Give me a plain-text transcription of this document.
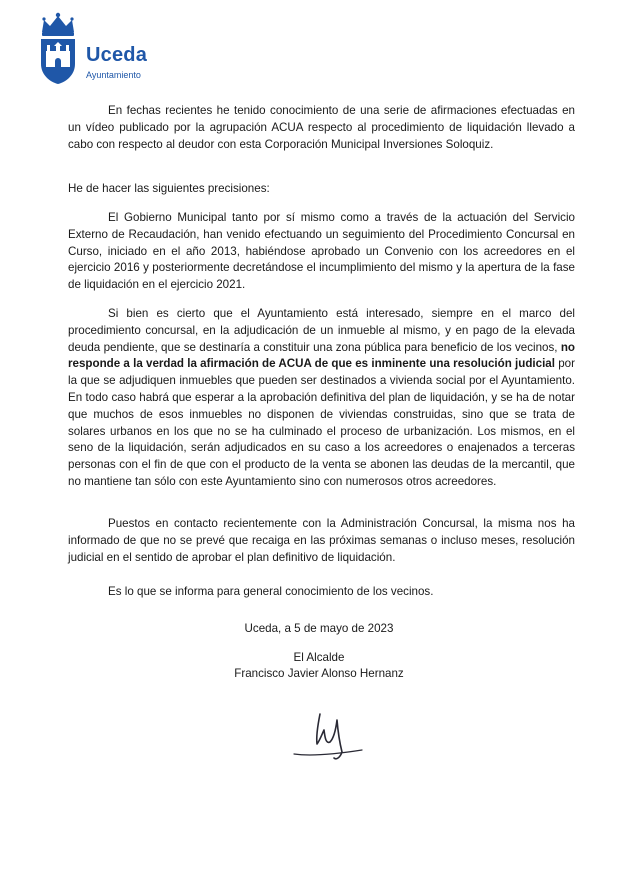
Uceda
Ayuntamiento

En fechas recientes he tenido conocimiento de una serie de afirmaciones efectuadas en un vídeo publicado por la agrupación ACUA respecto al procedimiento de liquidación llevado a cabo con respecto al deudor con esta Corporación Municipal Inversiones Soloquiz.

He de hacer las siguientes precisiones:

El Gobierno Municipal tanto por sí mismo como a través de la actuación del Servicio Externo de Recaudación, han venido efectuando un seguimiento del Procedimiento Concursal en Curso, iniciado en el año 2013, habiéndose aprobado un Convenio con los acreedores en el ejercicio 2016 y posteriormente decretándose el incumplimiento del mismo y la apertura de la fase de liquidación en el ejercicio 2021.

Si bien es cierto que el Ayuntamiento está interesado, siempre en el marco del procedimiento concursal, en la adjudicación de un inmueble al mismo, y en pago de la elevada deuda pendiente, que se destinaría a constituir una zona pública para beneficio de los vecinos, no responde a la verdad la afirmación de ACUA de que es inminente una resolución judicial por la que se adjudiquen inmuebles que pueden ser destinados a vivienda social por el Ayuntamiento. En todo caso habrá que esperar a la aprobación definitiva del plan de liquidación, y se ha de notar que muchos de esos inmuebles no disponen de viviendas construidas, sino que se trata de solares urbanos en los que no se ha culminado el proceso de urbanización. Los mismos, en el seno de la liquidación, serán adjudicados en su caso a los acreedores o enajenados a terceras personas con el fin de que con el producto de la venta se abonen las deudas de la mercantil, que no mantiene tan sólo con este Ayuntamiento sino con numerosos otros acreedores.

Puestos en contacto recientemente con la Administración Concursal, la misma nos ha informado de que no se prevé que recaiga en las próximas semanas o incluso meses, resolución judicial en el sentido de aprobar el plan definitivo de liquidación.

Es lo que se informa para general conocimiento de los vecinos.

Uceda, a 5 de mayo de 2023
El Alcalde
Francisco Javier Alonso Hernanz
